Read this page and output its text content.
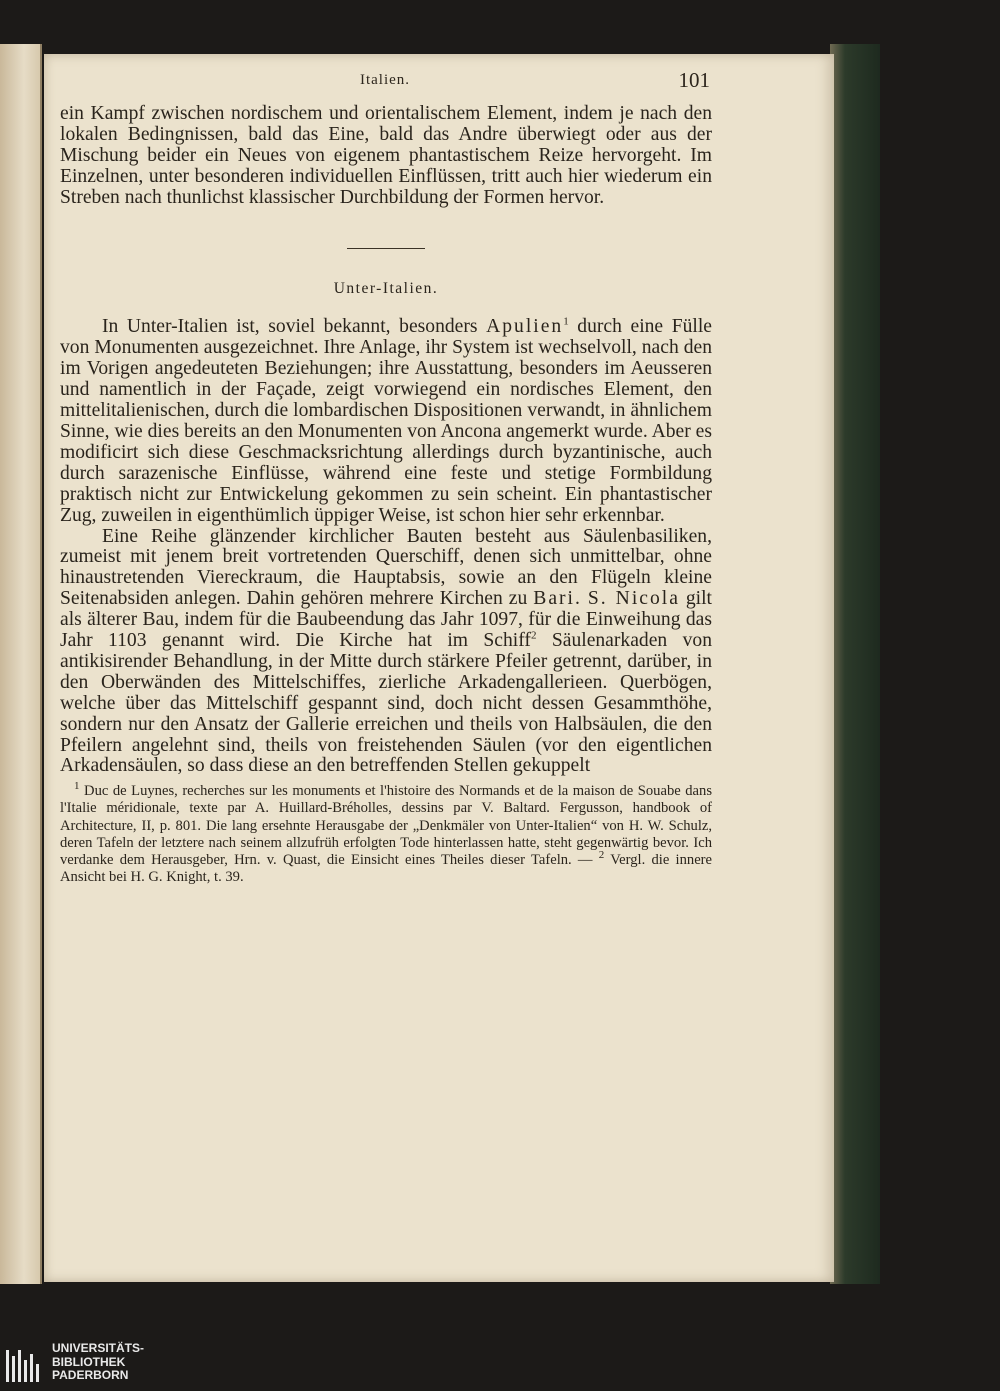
Italien.	101

ein Kampf zwischen nordischem und orientalischem Element, indem je nach den lokalen Bedingnissen, bald das Eine, bald das Andre überwiegt oder aus der Mischung beider ein Neues von eigenem phantastischem Reize hervorgeht. Im Einzelnen, unter besonderen individuellen Einflüssen, tritt auch hier wiederum ein Streben nach thunlichst klassischer Durchbildung der Formen hervor.

Unter-Italien.

In Unter-Italien ist, soviel bekannt, besonders Apulien$^1$ durch eine Fülle von Monumenten ausgezeichnet. Ihre Anlage, ihr System ist wechselvoll, nach den im Vorigen angedeuteten Beziehungen; ihre Ausstattung, besonders im Aeusseren und namentlich in der Façade, zeigt vorwiegend ein nordisches Element, den mittelitalienischen, durch die lombardischen Dispositionen verwandt, in ähnlichem Sinne, wie dies bereits an den Monumenten von Ancona angemerkt wurde. Aber es modificirt sich diese Geschmacksrichtung allerdings durch byzantinische, auch durch sarazenische Einflüsse, während eine feste und stetige Formbildung praktisch nicht zur Entwickelung gekommen zu sein scheint. Ein phantastischer Zug, zuweilen in eigenthümlich üppiger Weise, ist schon hier sehr erkennbar.

Eine Reihe glänzender kirchlicher Bauten besteht aus Säulenbasiliken, zumeist mit jenem breit vortretenden Querschiff, denen sich unmittelbar, ohne hinaustretenden Viereckraum, die Hauptabsis, sowie an den Flügeln kleine Seitenabsiden anlegen. Dahin gehören mehrere Kirchen zu Bari. S. Nicola gilt als älterer Bau, indem für die Baubeendung das Jahr 1097, für die Einweihung das Jahr 1103 genannt wird. Die Kirche hat im Schiff$^2$ Säulenarkaden von antikisirender Behandlung, in der Mitte durch stärkere Pfeiler getrennt, darüber, in den Oberwänden des Mittelschiffes, zierliche Arkadengallerieen. Querbögen, welche über das Mittelschiff gespannt sind, doch nicht dessen Gesammthöhe, sondern nur den Ansatz der Gallerie erreichen und theils von Halbsäulen, die den Pfeilern angelehnt sind, theils von freistehenden Säulen (vor den eigentlichen Arkadensäulen, so dass diese an den betreffenden Stellen gekuppelt

$^1$ Duc de Luynes, recherches sur les monuments et l'histoire des Normands et de la maison de Souabe dans l'Italie méridionale, texte par A. Huillard-Bréholles, dessins par V. Baltard. Fergusson, handbook of Architecture, II, p. 801. Die lang ersehnte Herausgabe der „Denkmäler von Unter-Italien“ von H. W. Schulz, deren Tafeln der letztere nach seinem allzufrüh erfolgten Tode hinterlassen hatte, steht gegenwärtig bevor. Ich verdanke dem Herausgeber, Hrn. v. Quast, die Einsicht eines Theiles dieser Tafeln. — $^2$ Vergl. die innere Ansicht bei H. G. Knight, t. 39.

UNIVERSITÄTS-
BIBLIOTHEK
PADERBORN
